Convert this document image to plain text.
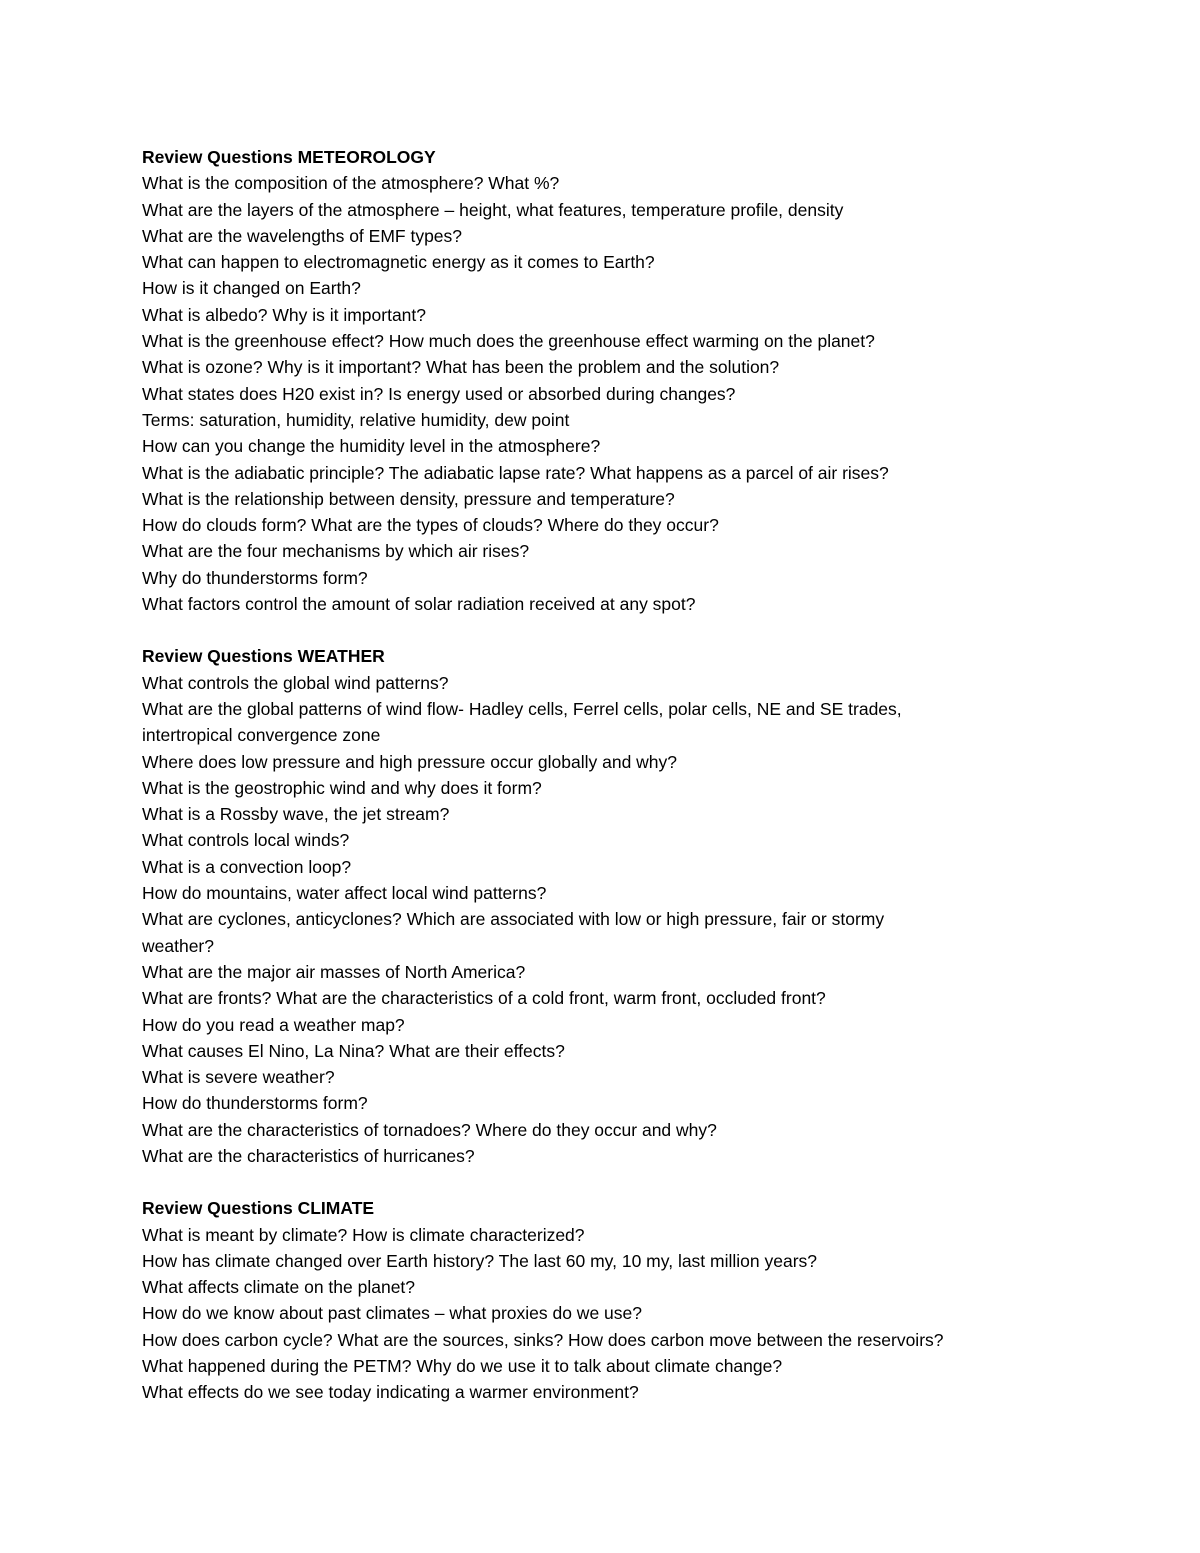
Review Questions METEOROLOGY
What is the composition of the atmosphere? What %?
What are the layers of the atmosphere – height, what features, temperature profile, density
What are the wavelengths of EMF types?
What can happen to electromagnetic energy as it comes to Earth?
How is it changed on Earth?
What is albedo? Why is it important?
What is the greenhouse effect? How much does the greenhouse effect warming on the planet?
What is ozone? Why is it important? What has been the problem and the solution?
What states does H20 exist in? Is energy used or absorbed during changes?
Terms: saturation, humidity, relative humidity, dew point
How can you change the humidity level in the atmosphere?
What is the adiabatic principle? The adiabatic lapse rate? What happens as a parcel of air rises?
What is the relationship between density, pressure and temperature?
How do clouds form? What are the types of clouds? Where do they occur?
What are the four mechanisms by which air rises?
Why do thunderstorms form?
What factors control the amount of solar radiation received at any spot?
Review Questions WEATHER
What controls the global wind patterns?
What are the global patterns of wind flow- Hadley cells, Ferrel cells, polar cells, NE and SE trades,
intertropical convergence zone
Where does low pressure and high pressure occur globally and why?
What is the geostrophic wind and why does it form?
What is a Rossby wave, the jet stream?
What controls local winds?
What is a convection loop?
How do mountains, water affect local wind patterns?
What are cyclones, anticyclones? Which are associated with low or high pressure, fair or stormy
weather?
What are the major air masses of North America?
What are fronts? What are the characteristics of a cold front, warm front, occluded front?
How do you read a weather map?
What causes El Nino, La Nina? What are their effects?
What is severe weather?
How do thunderstorms form?
What are the characteristics of tornadoes? Where do they occur and why?
What are the characteristics of hurricanes?
Review Questions CLIMATE
What is meant by climate? How is climate characterized?
How has climate changed over Earth history? The last 60 my, 10 my, last million years?
What affects climate on the planet?
How do we know about past climates – what proxies do we use?
How does carbon cycle? What are the sources, sinks? How does carbon move between the reservoirs?
What happened during the PETM? Why do we use it to talk about climate change?
What effects do we see today indicating a warmer environment?
